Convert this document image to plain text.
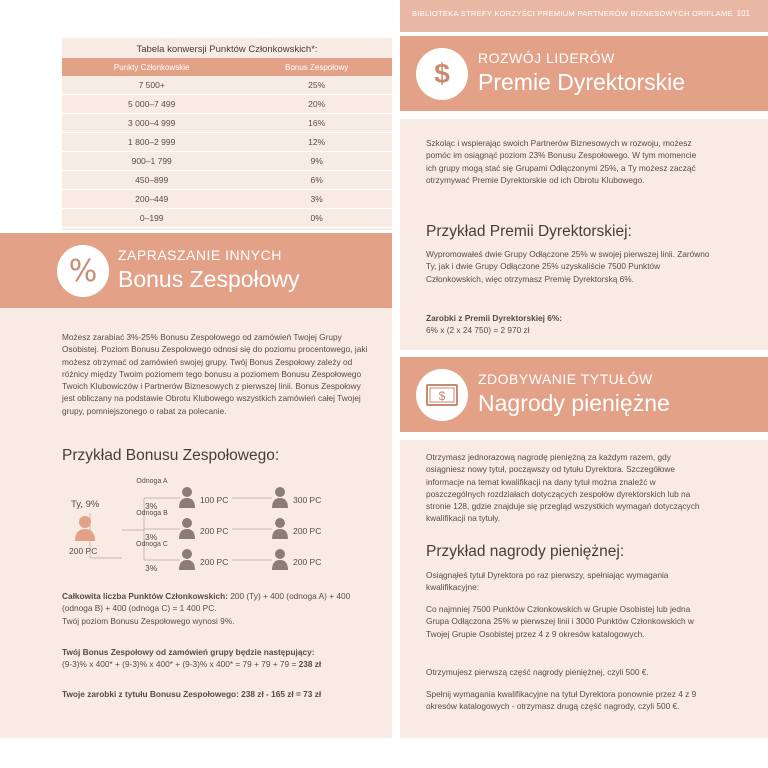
BIBLIOTEKA STREFY KORZYŚCI PREMIUM PARTNERÓW BIZNESOWYCH ORIFLAME 101
Tabela konwersji Punktów Członkowskich*:
Punkty Członkowskie	Bonus Zespołowy
7 500+	25%
5 000–7 499	20%
3 000–4 999	16%
1 800–2 999	12%
900–1 799	9%
450–899	6%
200–449	3%
0–199	0%
% ZAPRASZANIE INNYCH
Bonus Zespołowy
Możesz zarabiać 3%-25% Bonusu Zespołowego od zamówień Twojej Grupy Osobistej. Poziom Bonusu Zespołowego odnosi się do poziomu procentowego, jaki możesz otrzymać od zamówień swojej grupy. Twój Bonus Zespołowy zależy od różnicy między Twoim poziomem tego bonusu a poziomem Bonusu Zespołowego Twoich Klubowiczów i Partnerów Biznesowych z pierwszej linii. Bonus Zespołowy jest obliczany na podstawie Obrotu Klubowego wszystkich zamówień całej Twojej grupy, pomniejszonego o rabat za polecanie.
Przykład Bonusu Zespołowego:
Ty, 9%
200 PC
Odnoga A
3%
100 PC	300 PC
Odnoga B
3%
200 PC	200 PC
Odnoga C
3%
200 PC	200 PC
Całkowita liczba Punktów Członkowskich: 200 (Ty) + 400 (odnoga A) + 400 (odnoga B) + 400 (odnoga C) = 1 400 PC.
Twój poziom Bonusu Zespołowego wynosi 9%.
Twój Bonus Zespołowy od zamówień grupy będzie następujący:
(9-3)% x 400* + (9-3)% x 400* + (9-3)% x 400* = 79 + 79 + 79 = 238 zł
Twoje zarobki z tytułu Bonusu Zespołowego: 238 zł - 165 zł = 73 zł
$ ROZWÓJ LIDERÓW
Premie Dyrektorskie
Szkoląc i wspierając swoich Partnerów Biznesowych w rozwoju, możesz pomóc im osiągnąć poziom 23% Bonusu Zespołowego. W tym momencie ich grupy mogą stać się Grupami Odłączonymi 25%, a Ty możesz zacząć otrzymywać Premie Dyrektorskie od ich Obrotu Klubowego.
Przykład Premii Dyrektorskiej:
Wypromowałeś dwie Grupy Odłączone 25% w swojej pierwszej linii. Zarówno Ty, jak i dwie Grupy Odłączone 25% uzyskaliście 7500 Punktów Członkowskich, więc otrzymasz Premię Dyrektorską 6%.
Zarobki z Premii Dyrektorskiej 6%:
6% x (2 x 24 750) = 2 970 zł
$
ZDOBYWANIE TYTUŁÓW
Nagrody pieniężne
Otrzymasz jednorazową nagrodę pieniężną za każdym razem, gdy osiągniesz nowy tytuł, począwszy od tytułu Dyrektora. Szczegółowe informacje na temat kwalifikacji na dany tytuł można znaleźć w poszczególnych rozdziałach dotyczących zespołów dyrektorskich lub na stronie 128, gdzie znajduje się przegląd wszystkich wymagań dotyczących kwalifikacji na tytuły.
Przykład nagrody pieniężnej:
Osiągnąłeś tytuł Dyrektora po raz pierwszy, spełniając wymagania kwalifikacyjne:
Co najmniej 7500 Punktów Członkowskich w Grupie Osobistej lub jedna Grupa Odłączona 25% w pierwszej linii i 3000 Punktów Członkowskich w Twojej Grupie Osobistej przez 4 z 9 okresów katalogowych.
Otrzymujesz pierwszą część nagrody pieniężnej, czyli 500 €.
Spełnij wymagania kwalifikacyjne na tytuł Dyrektora ponownie przez 4 z 9 okresów katalogowych - otrzymasz drugą część nagrody, czyli 500 €.
